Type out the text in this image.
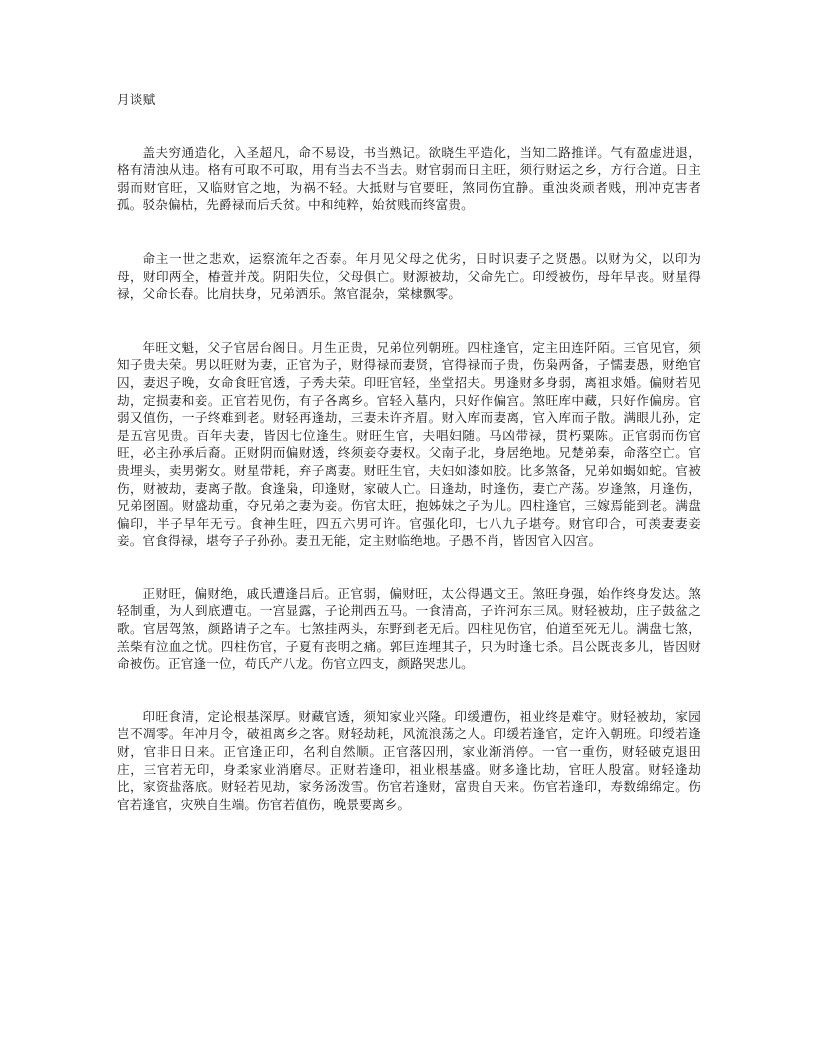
月谈赋

盖夫穷通造化，入圣超凡，命不易设，书当熟记。欲晓生平造化，当知二路推详。气有盈虚进退，格有清浊从违。格有可取不可取，用有当去不当去。财官弱而日主旺，须行财运之乡，方行合道。日主弱而财官旺，又临财官之地，为祸不轻。大抵财与官要旺，煞同伤宜静。重浊炎顽者贱，刑冲克害者孤。驳杂偏枯，先爵禄而后夭贫。中和纯粹，始贫贱而终富贵。

命主一世之悲欢，运察流年之否泰。年月见父母之优劣，日时识妻子之贤愚。以财为父，以印为母，财印两全，椿萱并茂。阴阳失位，父母俱亡。财源被劫，父命先亡。印绶被伤，母年早丧。财星得禄，父命长春。比肩扶身，兄弟洒乐。煞官混杂，棠棣飘零。

年旺文魁，父子官居台阁日。月生正贵，兄弟位列朝班。四柱逢官，定主田连阡陌。三官见官，须知子贵夫荣。男以旺财为妻，正官为子，财得禄而妻贤，官得禄而子贵，伤枭两备，子懦妻愚，财绝官囚，妻迟子晚，女命食旺官透，子秀夫荣。印旺官轻，坐堂招夫。男逢财多身弱，离祖求婚。偏财若见劫，定损妻和妾。正官若见伤，有子各离乡。官轻入墓内，只好作偏宫。煞旺库中藏，只好作偏房。官弱又值伤，一子终难到老。财轻再逢劫，三妻未许齐眉。财入库而妻离，官入库而子散。满眼儿孙，定是五宫见贵。百年夫妻，皆因七位逢生。财旺生官，夫唱妇随。马凶带禄，贯朽粟陈。正官弱而伤官旺，必主孙承后裔。正财阴而偏财透，终须妾夺妻权。父南子北，身居绝地。兄楚弟秦，命落空亡。官贵埋头，卖男粥女。财星带耗，弃子离妻。财旺生官，夫妇如漆如胶。比多煞备，兄弟如蝎如蛇。官被伤，财被劫，妻离子散。食逢枭，印逢财，家破人亡。日逢劫，时逢伤，妻亡产荡。岁逢煞，月逢伤，兄弟囹圄。财盛劫重，夺兄弟之妻为妾。伤官太旺，抱姊妹之子为儿。四柱逢官，三嫁焉能到老。满盘偏印，半子早年无亏。食神生旺，四五六男可许。官强化印，七八九子堪夸。财官印合，可羡妻妻妾妾。官食得禄，堪夸子子孙孙。妻丑无能，定主财临绝地。子愚不肖，皆因官入囚宫。

正财旺，偏财绝，戚氏遭逢吕后。正官弱，偏财旺，太公得遇文王。煞旺身强，始作终身发达。煞轻制重，为人到底遭屯。一宫显露，子论荆西五马。一食清高，子许河东三凤。财轻被劫，庄子鼓盆之歌。官居驾煞，颜路请子之车。七煞挂两头，东野到老无后。四柱见伤官，伯道至死无儿。满盘七煞，羔柴有泣血之忧。四柱伤官，子夏有丧明之痛。郭巨连埋其子，只为时逢七杀。吕公既丧多儿，皆因财命被伤。正官逢一位，苟氏产八龙。伤官立四支，颜路哭悲儿。

印旺食清，定论根基深厚。财藏官透，须知家业兴隆。印缓遭伤，祖业终是难守。财轻被劫，家园岂不凋零。年冲月令，破祖离乡之客。财轻劫耗，风流浪荡之人。印缓若逢官，定许入朝班。印绶若逢财，官非日日来。正官逢正印，名利自然顺。正官落囚刑，家业渐消停。一官一重伤，财轻破克退田庄，三官若无印，身柔家业消磨尽。正财若逢印，祖业根基盛。财多逢比劫，官旺人殷富。财轻逢劫比，家资盐落底。财轻若见劫，家务汤泼雪。伤官若逢财，富贵自天来。伤官若逢印，寿数绵绵定。伤官若逢官，灾殃自生端。伤官若值伤，晚景要离乡。
